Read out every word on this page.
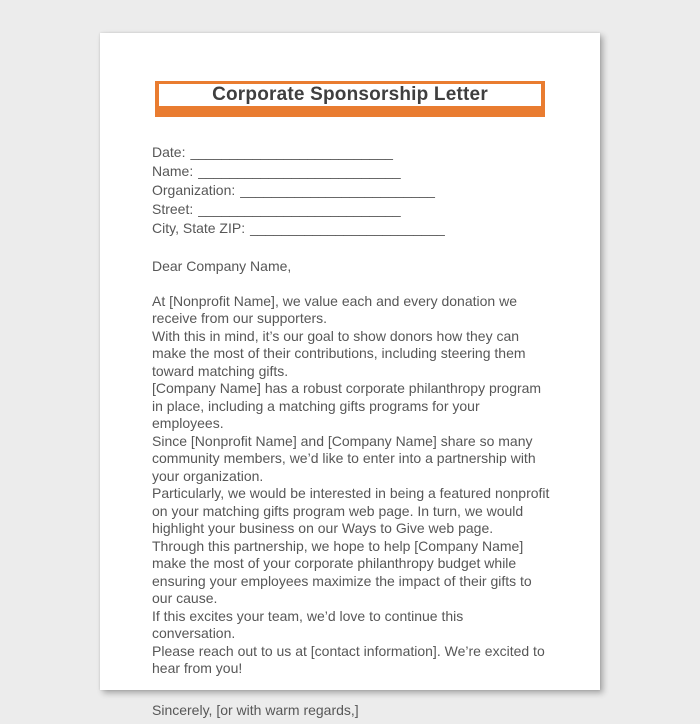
Corporate Sponsorship Letter
Date: __________________________
Name: __________________________
Organization: _________________________
Street: __________________________
City, State ZIP: _________________________
Dear Company Name,
At [Nonprofit Name], we value each and every donation we receive from our supporters.
With this in mind, it’s our goal to show donors how they can make the most of their contributions, including steering them toward matching gifts.
[Company Name] has a robust corporate philanthropy program in place, including a matching gifts programs for your employees.
Since [Nonprofit Name] and [Company Name] share so many community members, we’d like to enter into a partnership with your organization.
Particularly, we would be interested in being a featured nonprofit on your matching gifts program web page. In turn, we would highlight your business on our Ways to Give web page.
Through this partnership, we hope to help [Company Name] make the most of your corporate philanthropy budget while ensuring your employees maximize the impact of their gifts to our cause.
If this excites your team, we’d love to continue this conversation.
Please reach out to us at [contact information]. We’re excited to hear from you!
Sincerely, [or with warm regards,]
